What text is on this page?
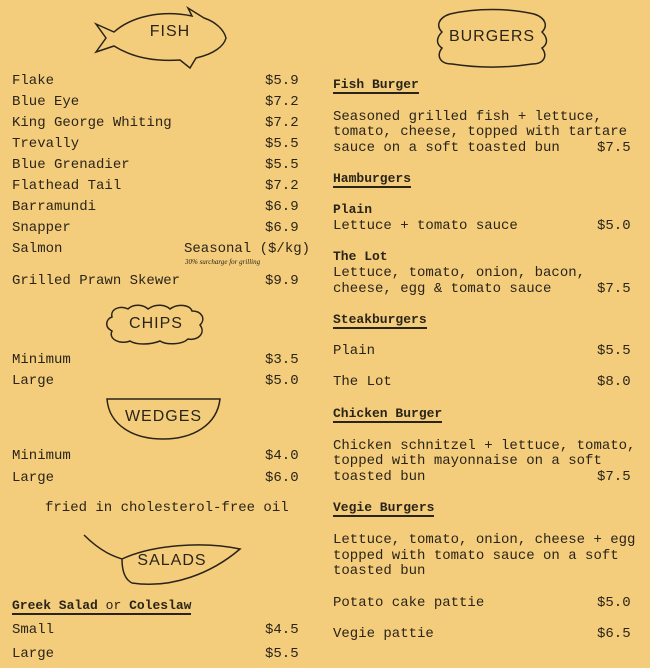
FISH
Flake	$5.9
Blue Eye	$7.2
King George Whiting	$7.2
Trevally	$5.5
Blue Grenadier	$5.5
Flathead Tail	$7.2
Barramundi	$6.9
Snapper	$6.9
Salmon	Seasonal ($/kg)
30% surcharge for grilling
Grilled Prawn Skewer	$9.9
CHIPS
Minimum	$3.5
Large	$5.0
WEDGES
Minimum	$4.0
Large	$6.0
fried in cholesterol-free oil
SALADS
Greek Salad or Coleslaw
Small	$4.5
Large	$5.5
BURGERS
Fish Burger
Seasoned grilled fish + lettuce,
tomato, cheese, topped with tartare
sauce on a soft toasted bun	$7.5
Hamburgers
Plain
Lettuce + tomato sauce	$5.0
The Lot
Lettuce, tomato, onion, bacon,
cheese, egg & tomato sauce	$7.5
Steakburgers
Plain	$5.5
The Lot	$8.0
Chicken Burger
Chicken schnitzel + lettuce, tomato,
topped with mayonnaise on a soft
toasted bun	$7.5
Vegie Burgers
Lettuce, tomato, onion, cheese + egg
topped with tomato sauce on a soft
toasted bun
Potato cake pattie	$5.0
Vegie pattie	$6.5
